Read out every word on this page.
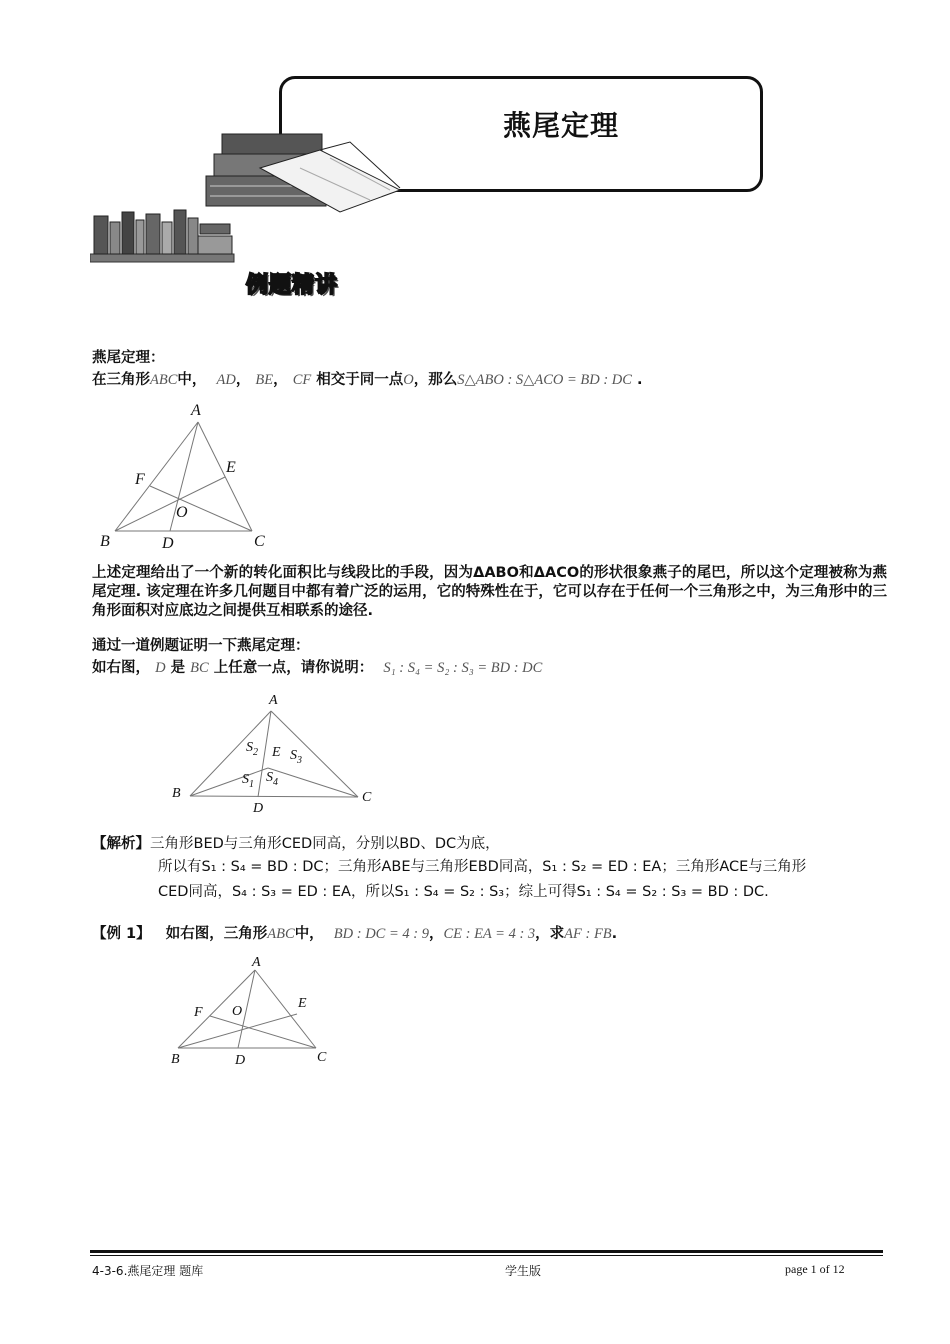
燕尾定理
例题精讲
燕尾定理：
在三角形ABC中， AD， BE， CF 相交于同一点O，那么S△ABO : S△ACO = BD : DC .
A
E
F
O
B	D	C
上述定理给出了一个新的转化面积比与线段比的手段，因为ΔABO和ΔACO的形状很象燕子的尾巴，所以这个定理被称为燕尾定理. 该定理在许多几何题目中都有着广泛的运用，它的特殊性在于，它可以存在于任何一个三角形之中，为三角形中的三角形面积对应底边之间提供互相联系的途径.
通过一道例题证明一下燕尾定理：
如右图， D 是 BC 上任意一点，请你说明： S₁ : S₄ = S₂ : S₃ = BD : DC
A
$S_2$ E $S_3$
$S_1$ $S_4$
B
D
C
【解析】三角形BED与三角形CED同高，分别以BD、DC为底，
所以有S₁ : S₄ = BD : DC；三角形ABE与三角形EBD同高，S₁ : S₂ = ED : EA；三角形ACE与三角形
CED同高，S₄ : S₃ = ED : EA，所以S₁ : S₄ = S₂ : S₃；综上可得S₁ : S₄ = S₂ : S₃ = BD : DC.
【例 1】 如右图，三角形ABC中， BD : DC = 4 : 9，CE : EA = 4 : 3，求AF : FB.
A
E
F O
B	D	C
4-3-6.燕尾定理 题库	学生版	page 1 of 12
